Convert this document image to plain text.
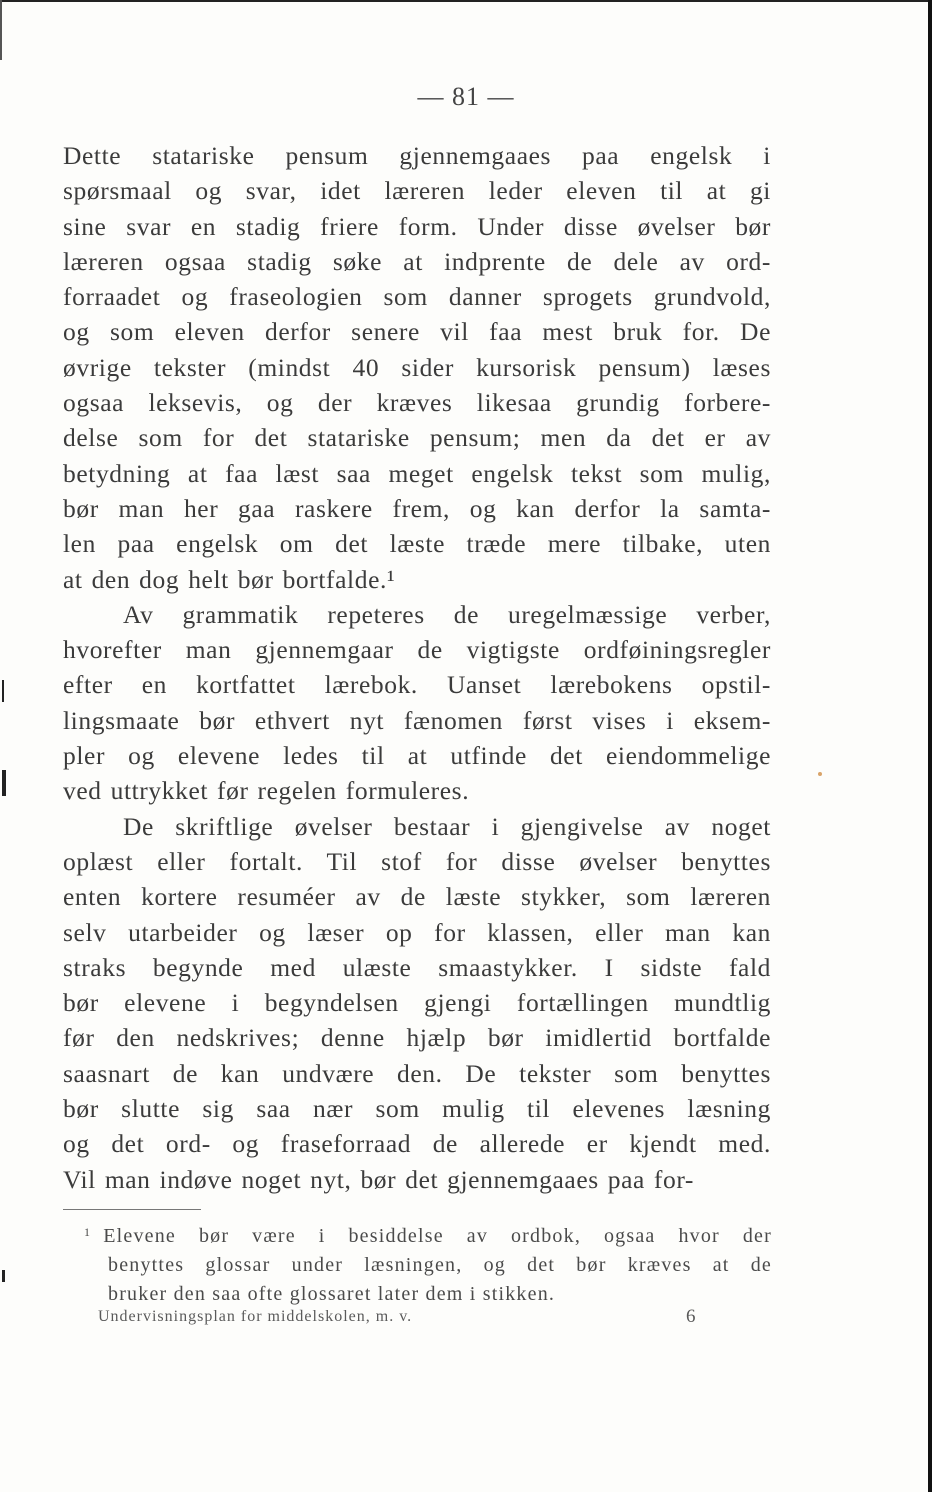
— 81 —
Dette statariske pensum gjennemgaaes paa engelsk i
spørsmaal og svar, idet læreren leder eleven til at gi
sine svar en stadig friere form. Under disse øvelser bør
læreren ogsaa stadig søke at indprente de dele av ord-
forraadet og fraseologien som danner sprogets grundvold,
og som eleven derfor senere vil faa mest bruk for. De
øvrige tekster (mindst 40 sider kursorisk pensum) læses
ogsaa leksevis, og der kræves likesaa grundig forbere-
delse som for det statariske pensum; men da det er av
betydning at faa læst saa meget engelsk tekst som mulig,
bør man her gaa raskere frem, og kan derfor la samta-
len paa engelsk om det læste træde mere tilbake, uten
at den dog helt bør bortfalde.¹
Av grammatik repeteres de uregelmæssige verber,
hvorefter man gjennemgaar de vigtigste ordføiningsregler
efter en kortfattet lærebok. Uanset lærebokens opstil-
lingsmaate bør ethvert nyt fænomen først vises i eksem-
pler og elevene ledes til at utfinde det eiendommelige
ved uttrykket før regelen formuleres.
De skriftlige øvelser bestaar i gjengivelse av noget
oplæst eller fortalt. Til stof for disse øvelser benyttes
enten kortere resuméer av de læste stykker, som læreren
selv utarbeider og læser op for klassen, eller man kan
straks begynde med ulæste smaastykker. I sidste fald
bør elevene i begyndelsen gjengi fortællingen mundtlig
før den nedskrives; denne hjælp bør imidlertid bortfalde
saasnart de kan undvære den. De tekster som benyttes
bør slutte sig saa nær som mulig til elevenes læsning
og det ord- og fraseforraad de allerede er kjendt med.
Vil man indøve noget nyt, bør det gjennemgaaes paa for-
$^1$ Elevene bør være i besiddelse av ordbok, ogsaa hvor der
benyttes glossar under læsningen, og det bør kræves at de
bruker den saa ofte glossaret later dem i stikken.
Undervisningsplan for middelskolen, m. v.	6
